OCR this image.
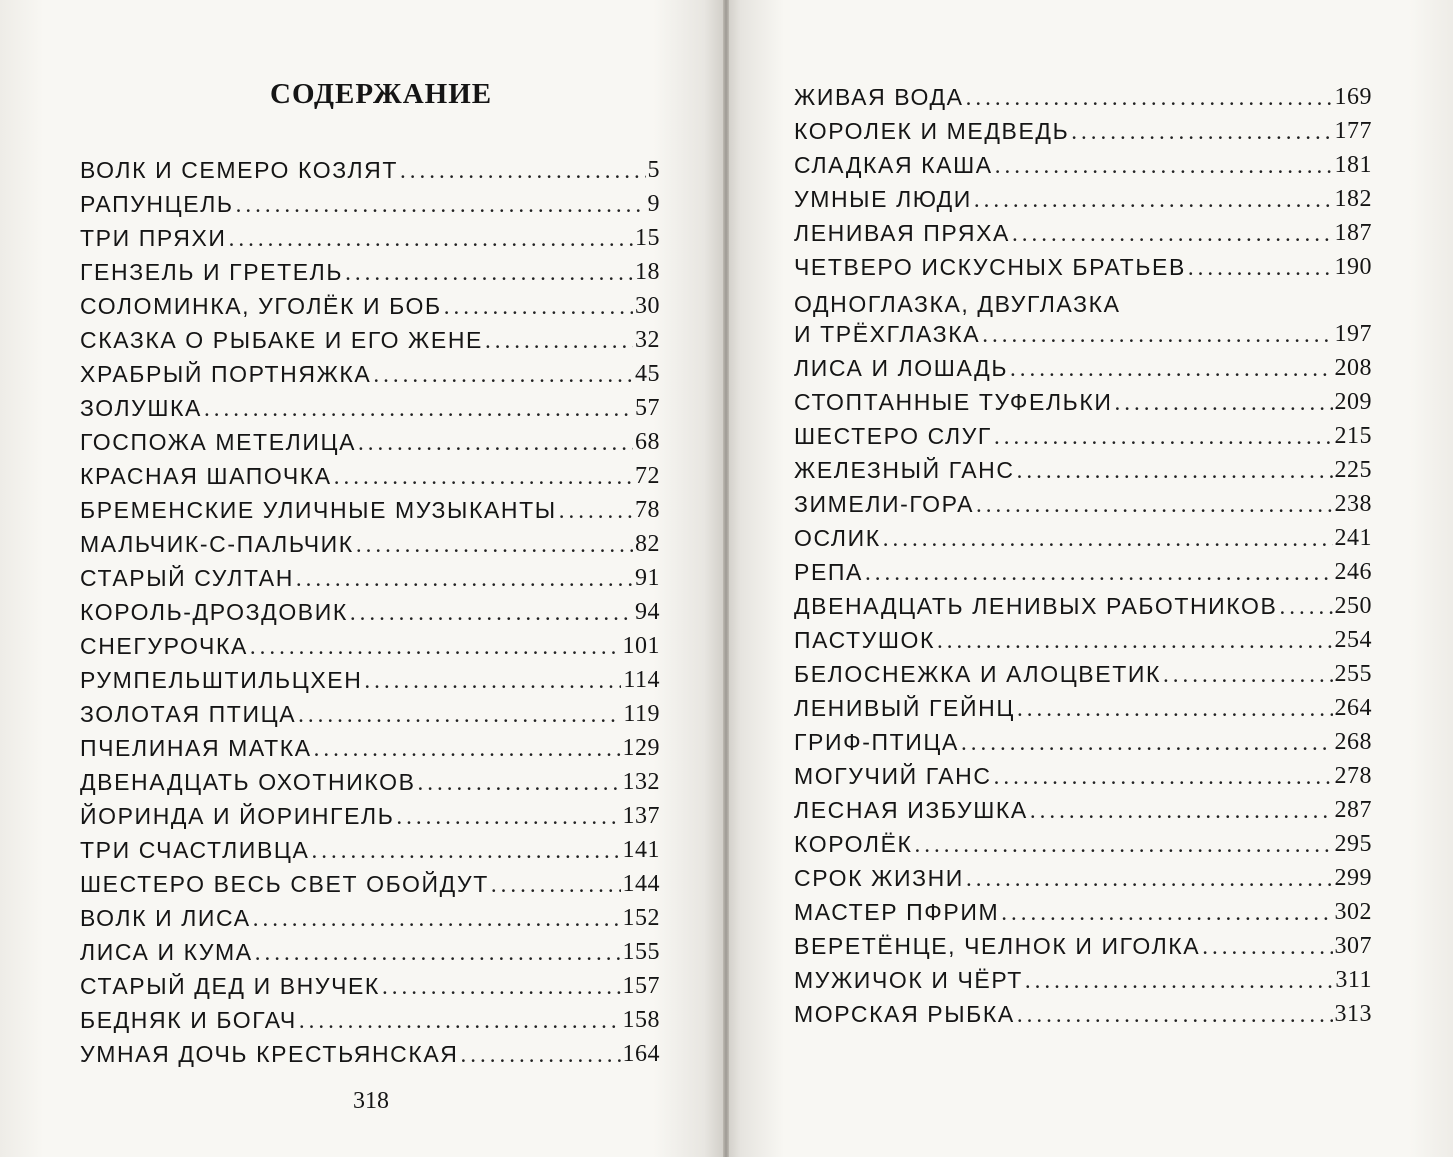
СОДЕРЖАНИЕ
ВОЛК И СЕМЕРО КОЗЛЯТ .....	5
РАПУНЦЕЛЬ .....	9
ТРИ ПРЯХИ .....	15
ГЕНЗЕЛЬ И ГРЕТЕЛЬ .....	18
СОЛОМИНКА, УГОЛЁК И БОБ .....	30
СКАЗКА О РЫБАКЕ И ЕГО ЖЕНЕ .....	32
ХРАБРЫЙ ПОРТНЯЖКА .....	45
ЗОЛУШКА .....	57
ГОСПОЖА МЕТЕЛИЦА .....	68
КРАСНАЯ ШАПОЧКА .....	72
БРЕМЕНСКИЕ УЛИЧНЫЕ МУЗЫКАНТЫ .....	78
МАЛЬЧИК-С-ПАЛЬЧИК .....	82
СТАРЫЙ СУЛТАН .....	91
КОРОЛЬ-ДРОЗДОВИК .....	94
СНЕГУРОЧКА .....	101
РУМПЕЛЬШТИЛЬЦХЕН .....	114
ЗОЛОТАЯ ПТИЦА .....	119
ПЧЕЛИНАЯ МАТКА .....	129
ДВЕНАДЦАТЬ ОХОТНИКОВ .....	132
ЙОРИНДА И ЙОРИНГЕЛЬ .....	137
ТРИ СЧАСТЛИВЦА .....	141
ШЕСТЕРО ВЕСЬ СВЕТ ОБОЙДУТ .....	144
ВОЛК И ЛИСА .....	152
ЛИСА И КУМА .....	155
СТАРЫЙ ДЕД И ВНУЧЕК .....	157
БЕДНЯК И БОГАЧ .....	158
УМНАЯ ДОЧЬ КРЕСТЬЯНСКАЯ .....	164

318

ЖИВАЯ ВОДА .....	169
КОРОЛЕК И МЕДВЕДЬ .....	177
СЛАДКАЯ КАША .....	181
УМНЫЕ ЛЮДИ .....	182
ЛЕНИВАЯ ПРЯХА .....	187
ЧЕТВЕРО ИСКУСНЫХ БРАТЬЕВ .....	190
ОДНОГЛАЗКА, ДВУГЛАЗКА
И ТРЁХГЛАЗКА .....	197
ЛИСА И ЛОШАДЬ .....	208
СТОПТАННЫЕ ТУФЕЛЬКИ .....	209
ШЕСТЕРО СЛУГ .....	215
ЖЕЛЕЗНЫЙ ГАНС .....	225
ЗИМЕЛИ-ГОРА .....	238
ОСЛИК .....	241
РЕПА .....	246
ДВЕНАДЦАТЬ ЛЕНИВЫХ РАБОТНИКОВ ..... 250
ПАСТУШОК .....	254
БЕЛОСНЕЖКА И АЛОЦВЕТИК .....	255
ЛЕНИВЫЙ ГЕЙНЦ .....	264
ГРИФ-ПТИЦА .....	268
МОГУЧИЙ ГАНС .....	278
ЛЕСНАЯ ИЗБУШКА .....	287
КОРОЛЁК .....	295
СРОК ЖИЗНИ .....	299
МАСТЕР ПФРИМ .....	302
ВЕРЕТЁНЦЕ, ЧЕЛНОК И ИГОЛКА .....	307
МУЖИЧОК И ЧЁРТ .....	311
МОРСКАЯ РЫБКА .....	313
